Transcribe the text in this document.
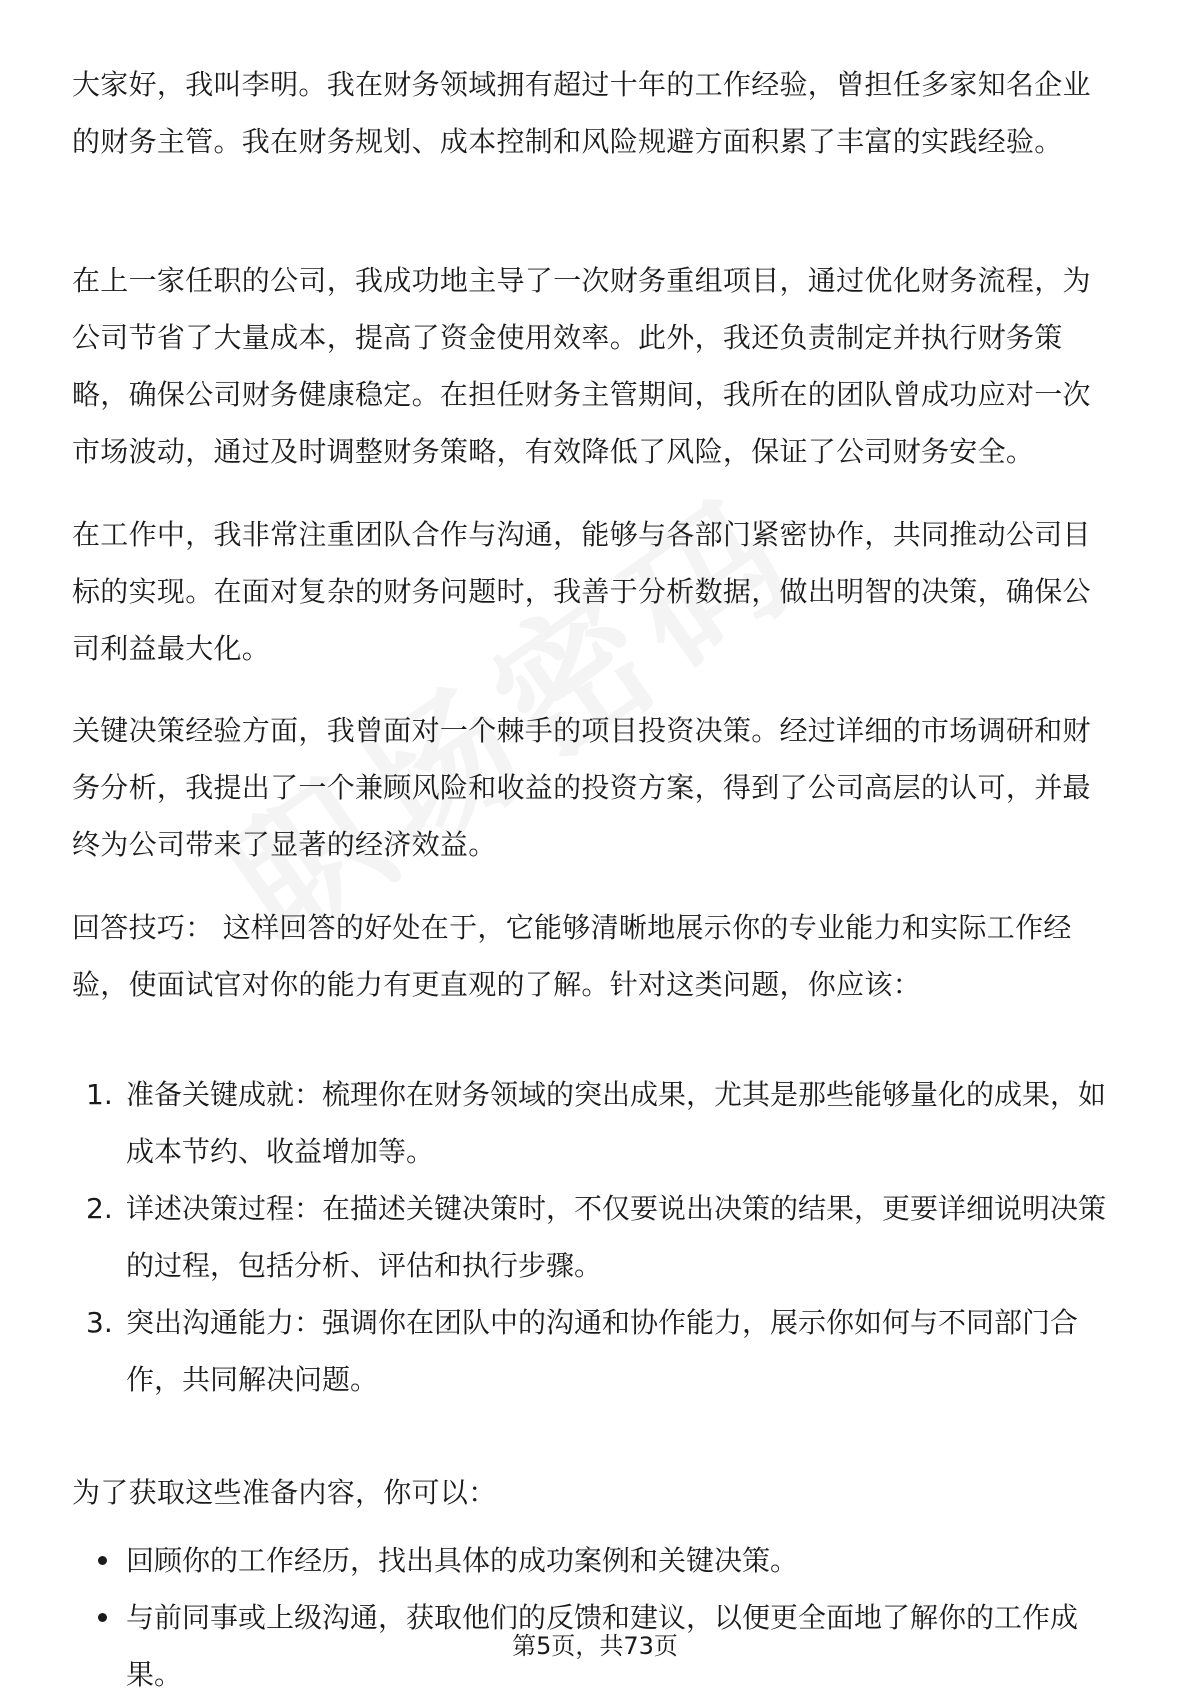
大家好，我叫李明。我在财务领域拥有超过十年的工作经验，曾担任多家知名企业的财务主管。我在财务规划、成本控制和风险规避方面积累了丰富的实践经验。

在上一家任职的公司，我成功地主导了一次财务重组项目，通过优化财务流程，为公司节省了大量成本，提高了资金使用效率。此外，我还负责制定并执行财务策略，确保公司财务健康稳定。在担任财务主管期间，我所在的团队曾成功应对一次市场波动，通过及时调整财务策略，有效降低了风险，保证了公司财务安全。

在工作中，我非常注重团队合作与沟通，能够与各部门紧密协作，共同推动公司目标的实现。在面对复杂的财务问题时，我善于分析数据，做出明智的决策，确保公司利益最大化。

关键决策经验方面，我曾面对一个棘手的项目投资决策。经过详细的市场调研和财务分析，我提出了一个兼顾风险和收益的投资方案，得到了公司高层的认可，并最终为公司带来了显著的经济效益。

回答技巧： 这样回答的好处在于，它能够清晰地展示你的专业能力和实际工作经验，使面试官对你的能力有更直观的了解。针对这类问题，你应该：

1. 准备关键成就：梳理你在财务领域的突出成果，尤其是那些能够量化的成果，如成本节约、收益增加等。
2. 详述决策过程：在描述关键决策时，不仅要说出决策的结果，更要详细说明决策的过程，包括分析、评估和执行步骤。
3. 突出沟通能力：强调你在团队中的沟通和协作能力，展示你如何与不同部门合作，共同解决问题。

为了获取这些准备内容，你可以：

回顾你的工作经历，找出具体的成功案例和关键决策。
与前同事或上级沟通，获取他们的反馈和建议，以便更全面地了解你的工作成果。
第5页，共73页
